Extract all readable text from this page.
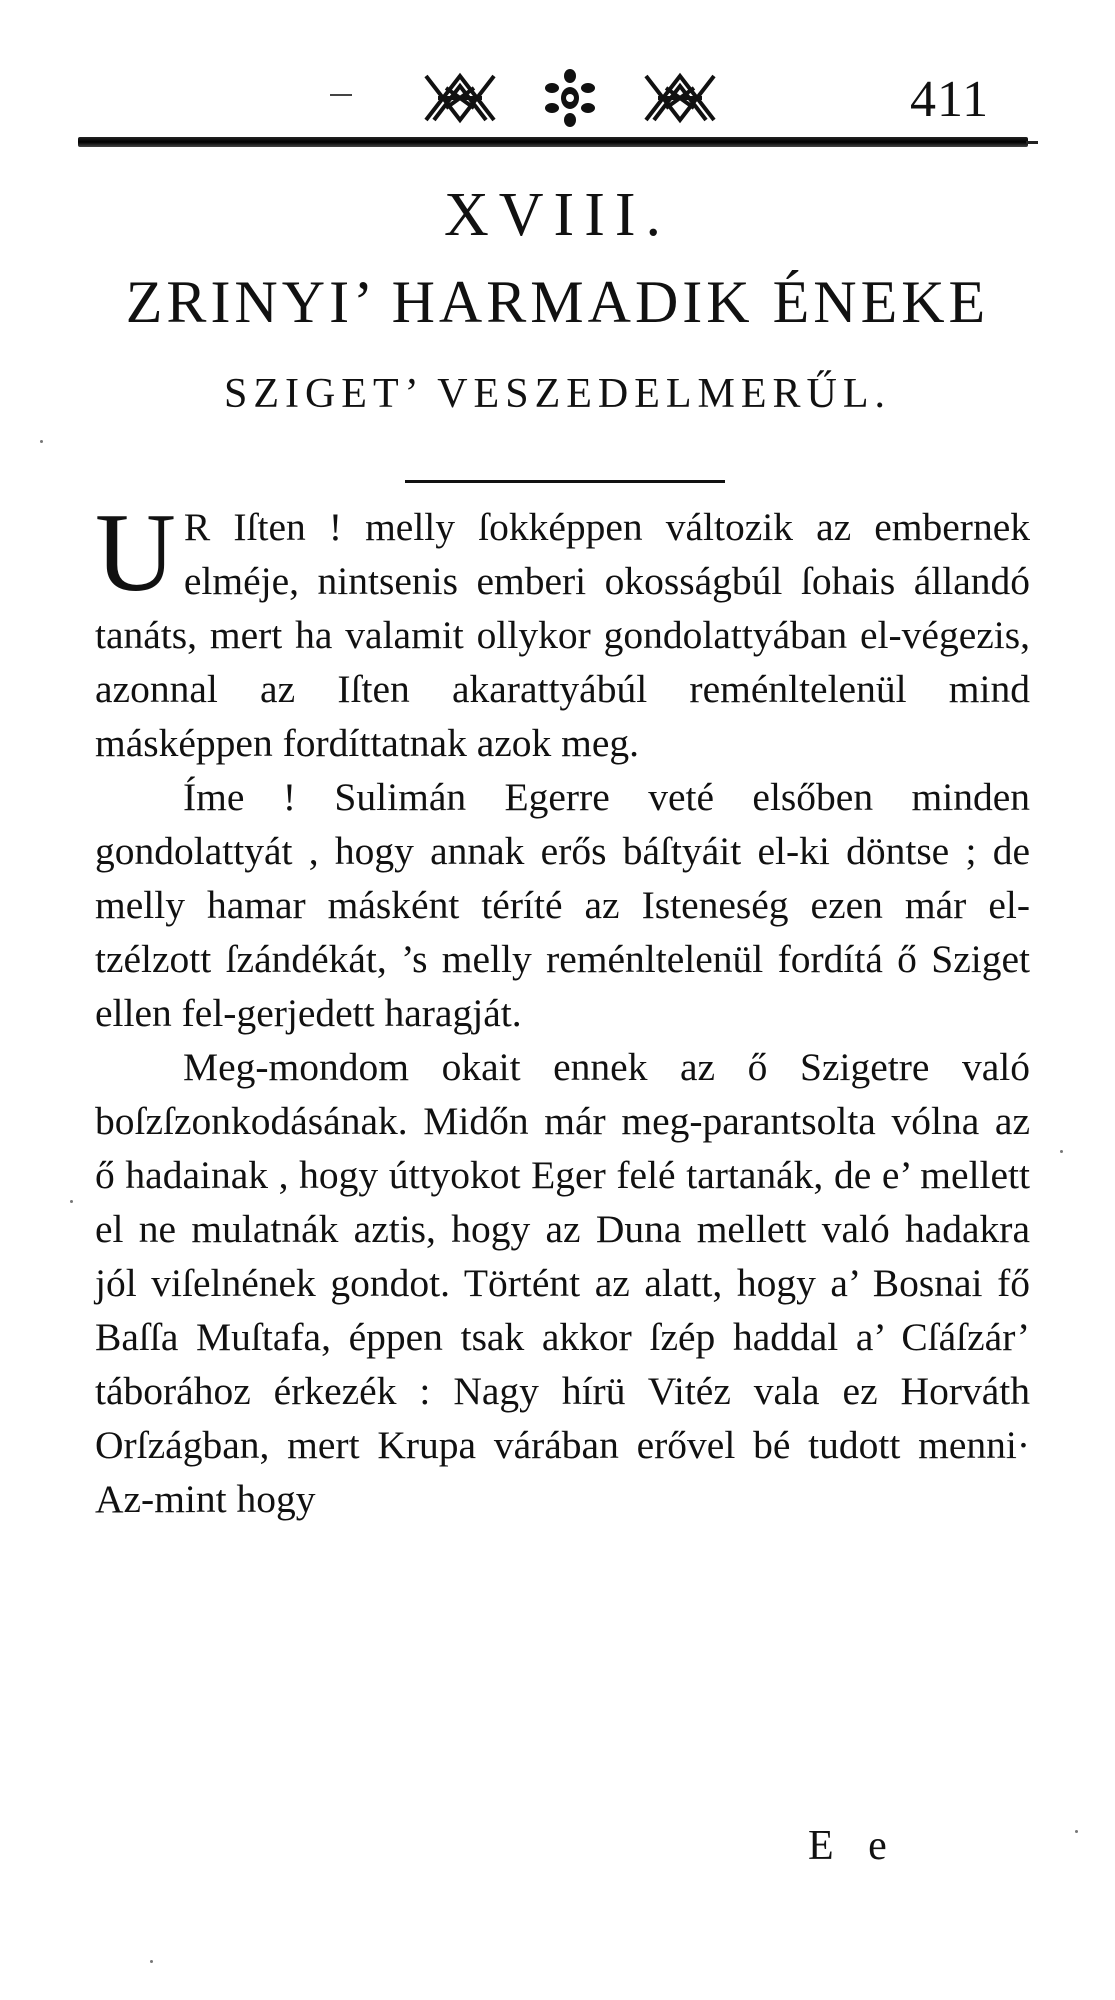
411
XVIII.
ZRINYI’ HARMADIK ÉNEKE
SZIGET’ VESZEDELMERŰL.

U R Iſten ! melly ſokképpen változik az embernek elméje, nintsenis emberi okosságbúl ſohais állandó tanáts, mert ha valamit ollykor gondolattyában el-végezis, azonnal az Iſten akarattyábúl reménltelenül mind másképpen fordíttatnak azok meg.

Íme ! Sulimán Egerre veté elsőben minden gondolattyát , hogy annak erős báſtyáit el-ki döntse ; de melly hamar másként téríté az Isteneség ezen már el-tzélzott ſzándékát, ’s melly reménltelenül fordítá ő Sziget ellen fel-gerjedett haragját.

Meg-mondom okait ennek az ő Szigetre való boſzſzonkodásának. Midőn már meg-parantsolta vólna az ő hadainak , hogy úttyokot Eger felé tartanák, de e’ mellett el ne mulatnák aztis, hogy az Duna mellett való hadakra jól viſelnének gondot. Történt az alatt, hogy a’ Bosnai fő Baſſa Muſtafa, éppen tsak akkor ſzép haddal a’ Cſáſzár’ táborához érkezék : Nagy hírü Vitéz vala ez Horváth Orſzágban, mert Krupa várában erővel bé tudott menni· Az-mint hogy

E e
